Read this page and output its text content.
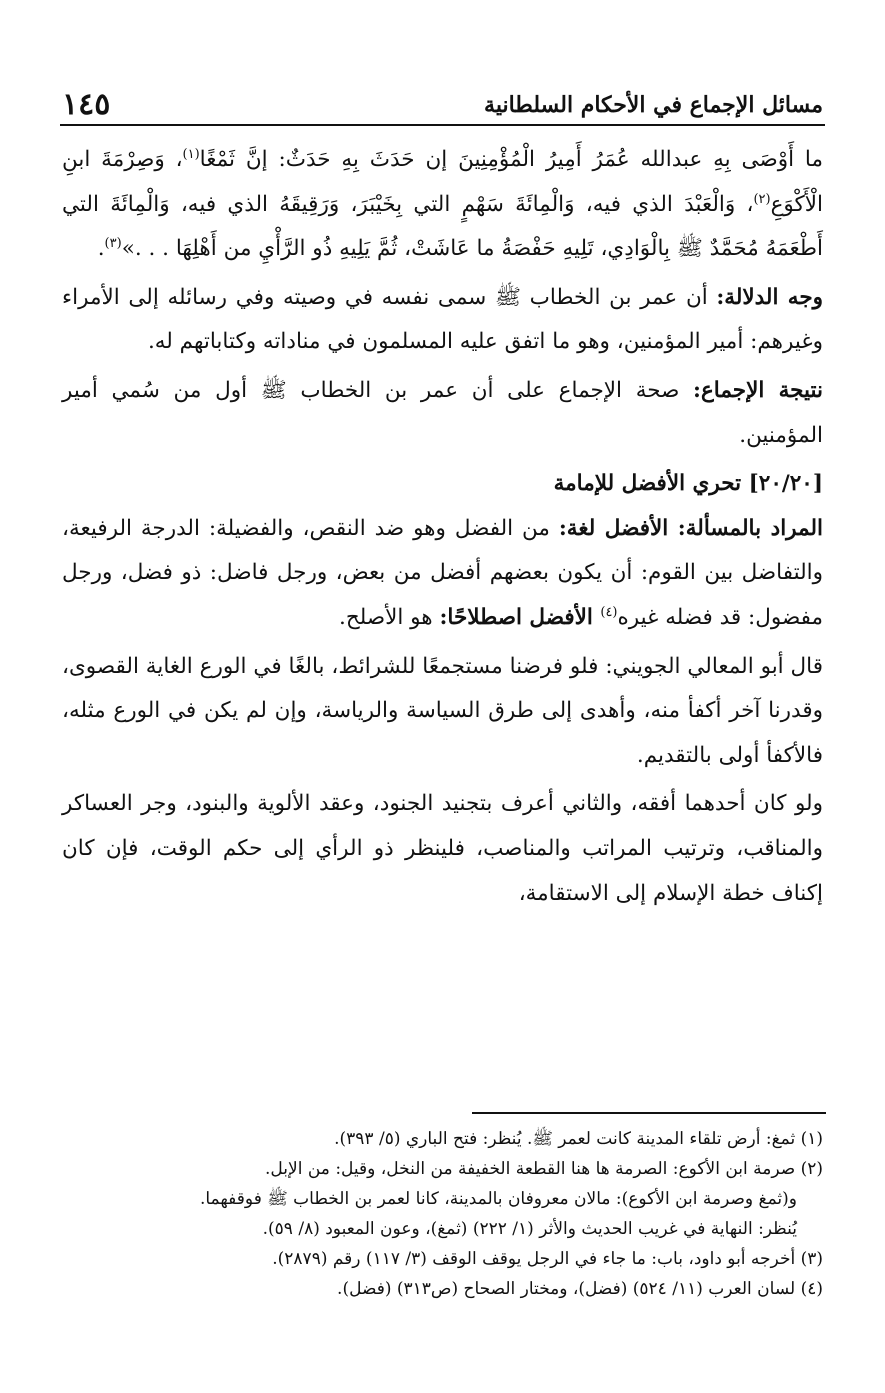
مسائل الإجماع في الأحكام السلطانية
١٤٥

ما أَوْصَى بِهِ عبدالله عُمَرُ أَمِيرُ الْمُؤْمِنِينَ إن حَدَثَ بِهِ حَدَثٌ: إنَّ ثَمْغًا$^{(١)}$، وَصِرْمَةَ ابنِ الْأَكْوَعِ$^{(٢)}$، وَالْعَبْدَ الذي فيه، وَالْمِائَةَ سَهْمٍ التي بِخَيْبَرَ، وَرَقِيقَهُ الذي فيه، وَالْمِائَةَ التي أَطْعَمَهُ مُحَمَّدٌ ﷺ بِالْوَادِي، تَلِيهِ حَفْصَةُ ما عَاشَتْ، ثُمَّ يَلِيهِ ذُو الرَّأْيِ من أَهْلِهَا . . .»$^{(٣)}$.

وجه الدلالة: أن عمر بن الخطاب ﷺ سمى نفسه في وصيته وفي رسائله إلى الأمراء وغيرهم: أمير المؤمنين، وهو ما اتفق عليه المسلمون في مناداته وكتاباتهم له.

نتيجة الإجماع: صحة الإجماع على أن عمر بن الخطاب ﷺ أول من سُمي أمير المؤمنين.

[٢٠/٢٠] تحري الأفضل للإمامة

المراد بالمسألة: الأفضل لغة: من الفضل وهو ضد النقص، والفضيلة: الدرجة الرفيعة، والتفاضل بين القوم: أن يكون بعضهم أفضل من بعض، ورجل فاضل: ذو فضل، ورجل مفضول: قد فضله غيره$^{(٤)}$ الأفضل اصطلاحًا: هو الأصلح.

قال أبو المعالي الجويني: فلو فرضنا مستجمعًا للشرائط، بالغًا في الورع الغاية القصوى، وقدرنا آخر أكفأ منه، وأهدى إلى طرق السياسة والرياسة، وإن لم يكن في الورع مثله، فالأكفأ أولى بالتقديم.

ولو كان أحدهما أفقه، والثاني أعرف بتجنيد الجنود، وعقد الألوية والبنود، وجر العساكر والمناقب، وترتيب المراتب والمناصب، فلينظر ذو الرأي إلى حكم الوقت، فإن كان إكناف خطة الإسلام إلى الاستقامة،

(١) ثمغ: أرض تلقاء المدينة كانت لعمر ﷺ. يُنظر: فتح الباري (٥/ ٣٩٣).
(٢) صرمة ابن الأكوع: الصرمة ها هنا القطعة الخفيفة من النخل، وقيل: من الإبل.
و(ثمغ وصرمة ابن الأكوع): مالان معروفان بالمدينة، كانا لعمر بن الخطاب ﷺ فوقفهما.
يُنظر: النهاية في غريب الحديث والأثر (١/ ٢٢٢) (ثمغ)، وعون المعبود (٨/ ٥٩).
(٣) أخرجه أبو داود، باب: ما جاء في الرجل يوقف الوقف (٣/ ١١٧) رقم (٢٨٧٩).
(٤) لسان العرب (١١/ ٥٢٤) (فضل)، ومختار الصحاح (ص٣١٣) (فضل).
